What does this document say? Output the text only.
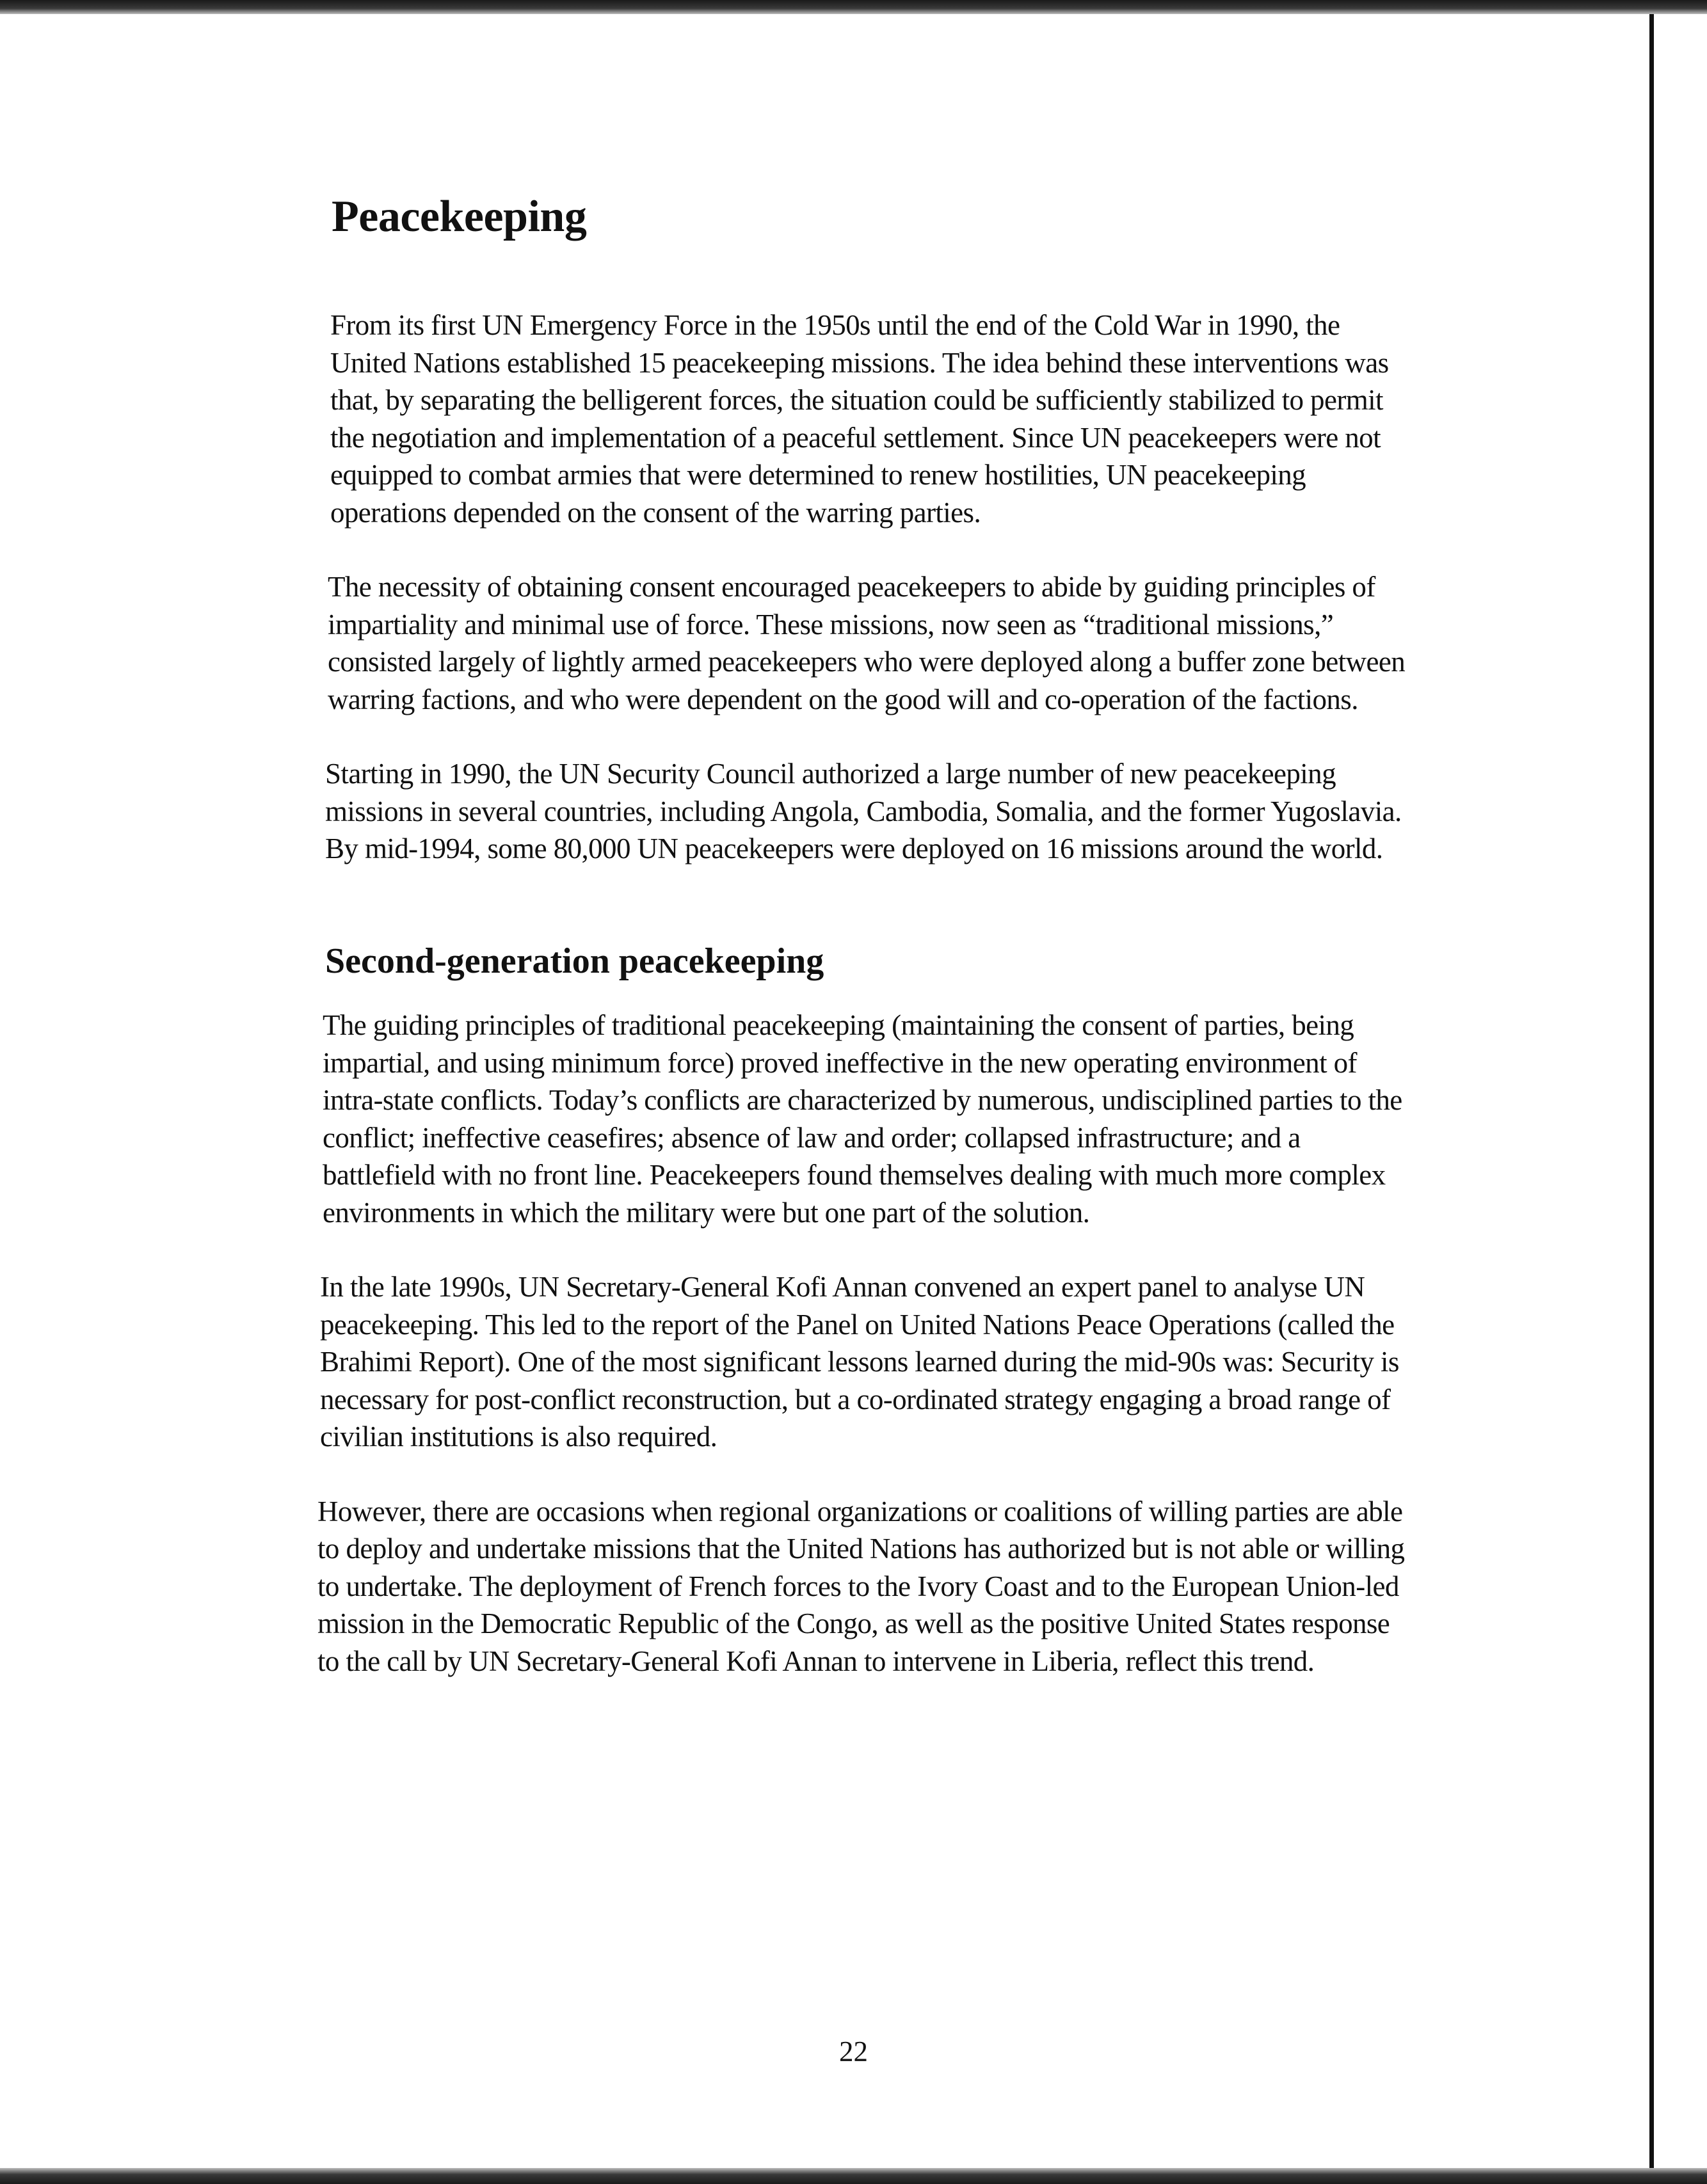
Peacekeeping

From its first UN Emergency Force in the 1950s until the end of the Cold War in 1990, the United Nations established 15 peacekeeping missions. The idea behind these interventions was that, by separating the belligerent forces, the situation could be sufficiently stabilized to permit the negotiation and implementation of a peaceful settlement. Since UN peacekeepers were not equipped to combat armies that were determined to renew hostilities, UN peacekeeping operations depended on the consent of the warring parties.

The necessity of obtaining consent encouraged peacekeepers to abide by guiding principles of impartiality and minimal use of force. These missions, now seen as “traditional missions,” consisted largely of lightly armed peacekeepers who were deployed along a buffer zone between warring factions, and who were dependent on the good will and co-operation of the factions.

Starting in 1990, the UN Security Council authorized a large number of new peacekeeping missions in several countries, including Angola, Cambodia, Somalia, and the former Yugoslavia. By mid-1994, some 80,000 UN peacekeepers were deployed on 16 missions around the world.

Second-generation peacekeeping

The guiding principles of traditional peacekeeping (maintaining the consent of parties, being impartial, and using minimum force) proved ineffective in the new operating environment of intra-state conflicts. Today’s conflicts are characterized by numerous, undisciplined parties to the conflict; ineffective ceasefires; absence of law and order; collapsed infrastructure; and a battlefield with no front line. Peacekeepers found themselves dealing with much more complex environments in which the military were but one part of the solution.

In the late 1990s, UN Secretary-General Kofi Annan convened an expert panel to analyse UN peacekeeping. This led to the report of the Panel on United Nations Peace Operations (called the Brahimi Report). One of the most significant lessons learned during the mid-90s was: Security is necessary for post-conflict reconstruction, but a co-ordinated strategy engaging a broad range of civilian institutions is also required.

However, there are occasions when regional organizations or coalitions of willing parties are able to deploy and undertake missions that the United Nations has authorized but is not able or willing to undertake. The deployment of French forces to the Ivory Coast and to the European Union-led mission in the Democratic Republic of the Congo, as well as the positive United States response to the call by UN Secretary-General Kofi Annan to intervene in Liberia, reflect this trend.

22
